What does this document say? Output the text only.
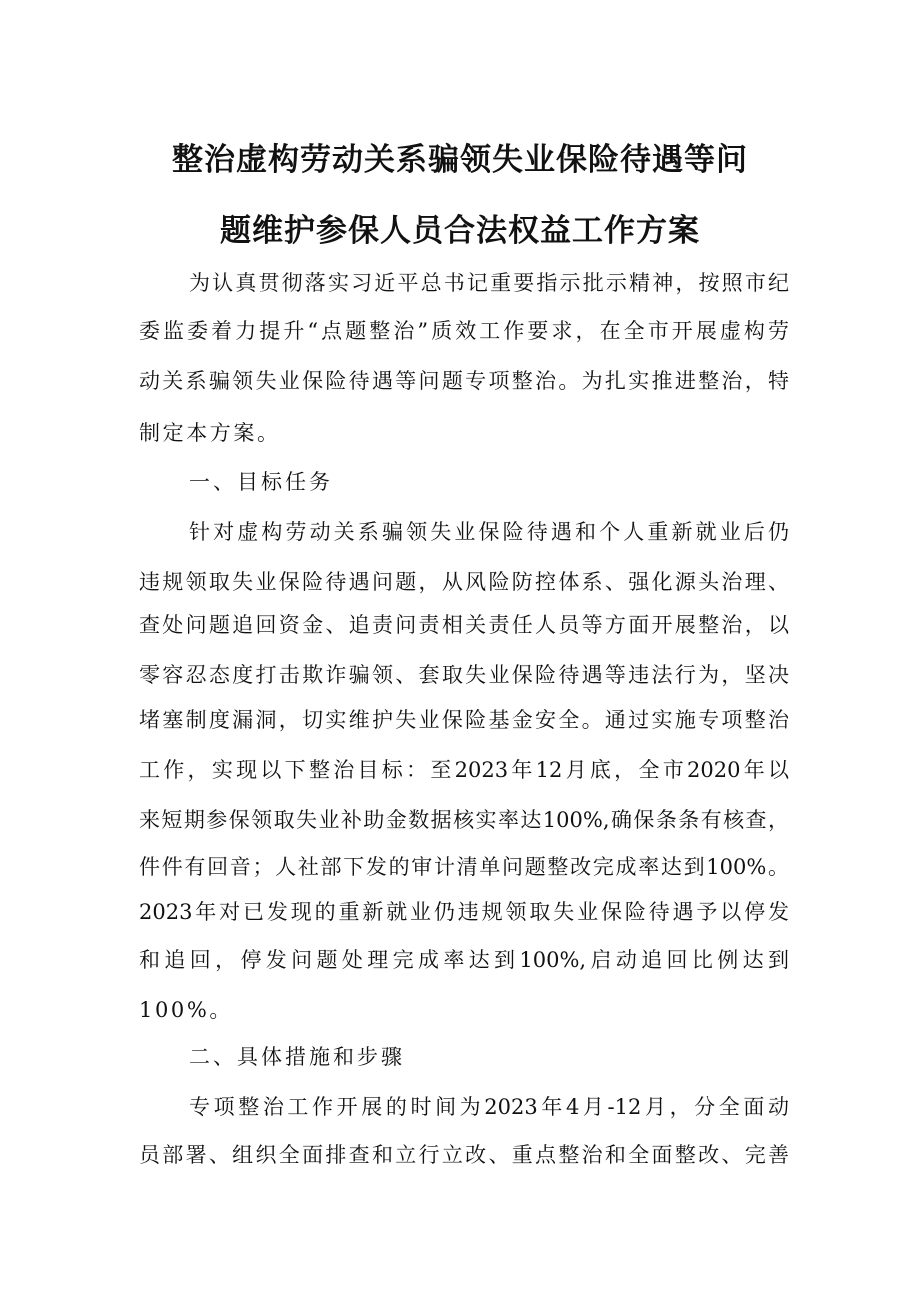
整治虚构劳动关系骗领失业保险待遇等问
题维护参保人员合法权益工作方案

为认真贯彻落实习近平总书记重要指示批示精神，按照市纪

委监委着力提升“点题整治”质效工作要求，在全市开展虚构劳

动关系骗领失业保险待遇等问题专项整治。为扎实推进整治，特

制定本方案。

一、目标任务

针对虚构劳动关系骗领失业保险待遇和个人重新就业后仍

违规领取失业保险待遇问题，从风险防控体系、强化源头治理、

查处问题追回资金、追责问责相关责任人员等方面开展整治，以

零容忍态度打击欺诈骗领、套取失业保险待遇等违法行为，坚决

堵塞制度漏洞，切实维护失业保险基金安全。通过实施专项整治

工作，实现以下整治目标：至2023年12月底，全市2020年以

来短期参保领取失业补助金数据核实率达100%,确保条条有核查，

件件有回音；人社部下发的审计清单问题整改完成率达到100%。

2023年对已发现的重新就业仍违规领取失业保险待遇予以停发

和追回，停发问题处理完成率达到100%,启动追回比例达到

100%。

二、具体措施和步骤

专项整治工作开展的时间为2023年4月-12月，分全面动

员部署、组织全面排查和立行立改、重点整治和全面整改、完善
